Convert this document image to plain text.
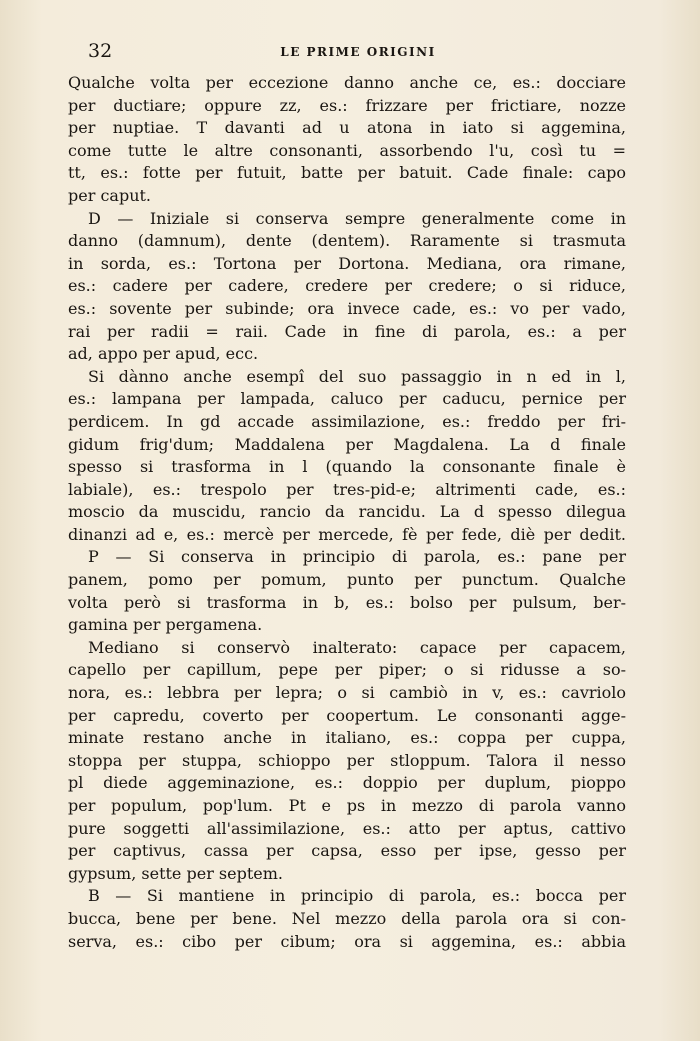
32	LE PRIME ORIGINI
Qualche volta per eccezione danno anche ce, es.: docciare
per ductiare; oppure zz, es.: frizzare per frictiare, nozze
per nuptiae. T davanti ad u atona in iato si aggemina,
come tutte le altre consonanti, assorbendo l'u, così tu =
tt, es.: fotte per futuit, batte per batuit. Cade finale: capo
per caput.
D — Iniziale si conserva sempre generalmente come in
danno (damnum), dente (dentem). Raramente si trasmuta
in sorda, es.: Tortona per Dortona. Mediana, ora rimane,
es.: cadere per cadere, credere per credere; o si riduce,
es.: sovente per subinde; ora invece cade, es.: vo per vado,
rai per radii = raii. Cade in fine di parola, es.: a per
ad, appo per apud, ecc.
Si dànno anche esempî del suo passaggio in n ed in l,
es.: lampana per lampada, caluco per caducu, pernice per
perdicem. In gd accade assimilazione, es.: freddo per fri-
gidum frig'dum; Maddalena per Magdalena. La d finale
spesso si trasforma in l (quando la consonante finale è
labiale), es.: trespolo per tres-pid-e; altrimenti cade, es.:
moscio da muscidu, rancio da rancidu. La d spesso dilegua
dinanzi ad e, es.: mercè per mercede, fè per fede, diè per dedit.
P — Si conserva in principio di parola, es.: pane per
panem, pomo per pomum, punto per punctum. Qualche
volta però si trasforma in b, es.: bolso per pulsum, ber-
gamina per pergamena.
Mediano si conservò inalterato: capace per capacem,
capello per capillum, pepe per piper; o si ridusse a so-
nora, es.: lebbra per lepra; o si cambiò in v, es.: cavriolo
per capredu, coverto per coopertum. Le consonanti agge-
minate restano anche in italiano, es.: coppa per cuppa,
stoppa per stuppa, schioppo per stloppum. Talora il nesso
pl diede aggeminazione, es.: doppio per duplum, pioppo
per populum, pop'lum. Pt e ps in mezzo di parola vanno
pure soggetti all'assimilazione, es.: atto per aptus, cattivo
per captivus, cassa per capsa, esso per ipse, gesso per
gypsum, sette per septem.
B — Si mantiene in principio di parola, es.: bocca per
bucca, bene per bene. Nel mezzo della parola ora si con-
serva, es.: cibo per cibum; ora si aggemina, es.: abbia
